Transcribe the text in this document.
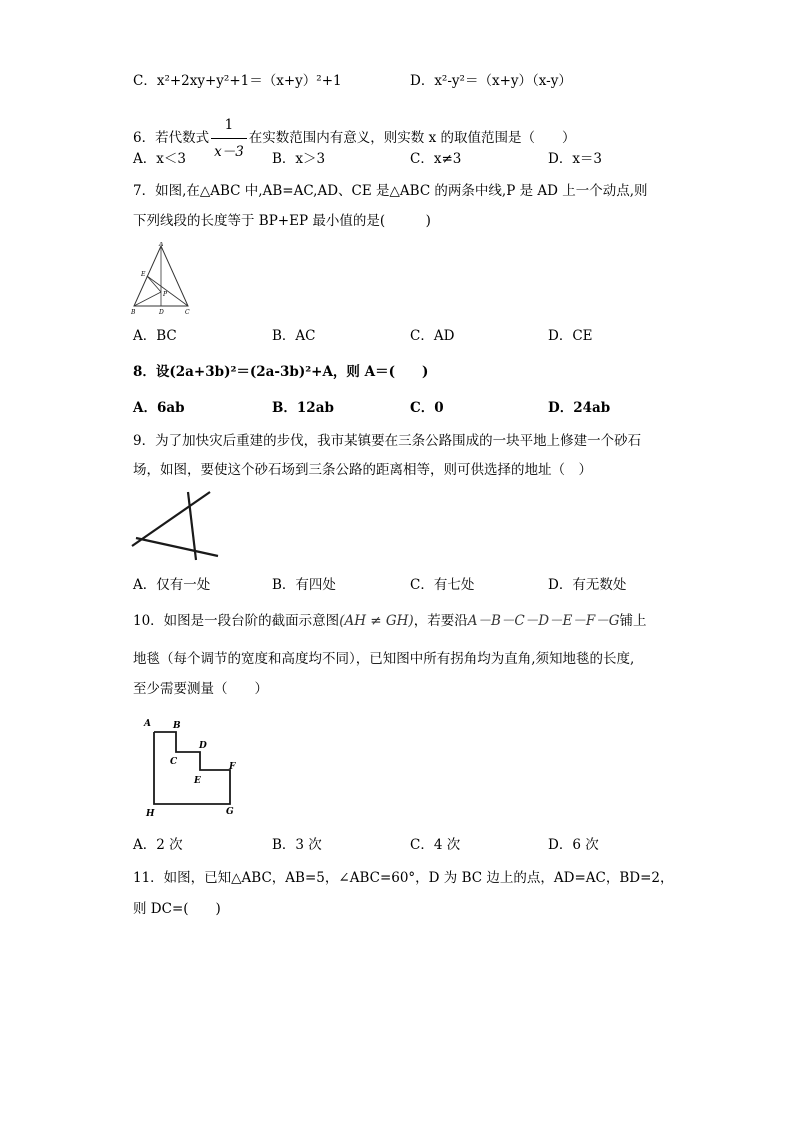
C．x²+2xy+y²+1＝（x+y）²+1	D．x²-y²＝（x+y）（x-y）
6．若代数式 $\frac{1}{x-3}$ 在实数范围内有意义，则实数 x 的取值范围是（　　）
A．x＜3	B．x＞3	C．x≠3	D．x＝3
7．如图,在△ABC 中,AB=AC,AD、CE 是△ABC 的两条中线,P 是 AD 上一个动点,则
下列线段的长度等于 BP+EP 最小值的是(　　　)
A
E
P
B	D	C
A．BC	B．AC	C．AD	D．CE
8．设(2a+3b)²＝(2a-3b)²+A，则 A＝(　　)
A．6ab	B．12ab	C．0	D．24ab
9．为了加快灾后重建的步伐，我市某镇要在三条公路围成的一块平地上修建一个砂石
场，如图，要使这个砂石场到三条公路的距离相等，则可供选择的地址（　）
A．仅有一处	B．有四处	C．有七处	D．有无数处
10．如图是一段台阶的截面示意图(AH ≠ GH)，若要沿A－B－C－D－E－F－G铺上
地毯（每个调节的宽度和高度均不同），已知图中所有拐角均为直角,须知地毯的长度,
至少需要测量（　　）
A B
C
D
E
F
H	G
A．2 次	B．3 次	C．4 次	D．6 次
11．如图，已知△ABC，AB=5，∠ABC=60°，D 为 BC 边上的点，AD=AC，BD=2，
则 DC=(　　)
